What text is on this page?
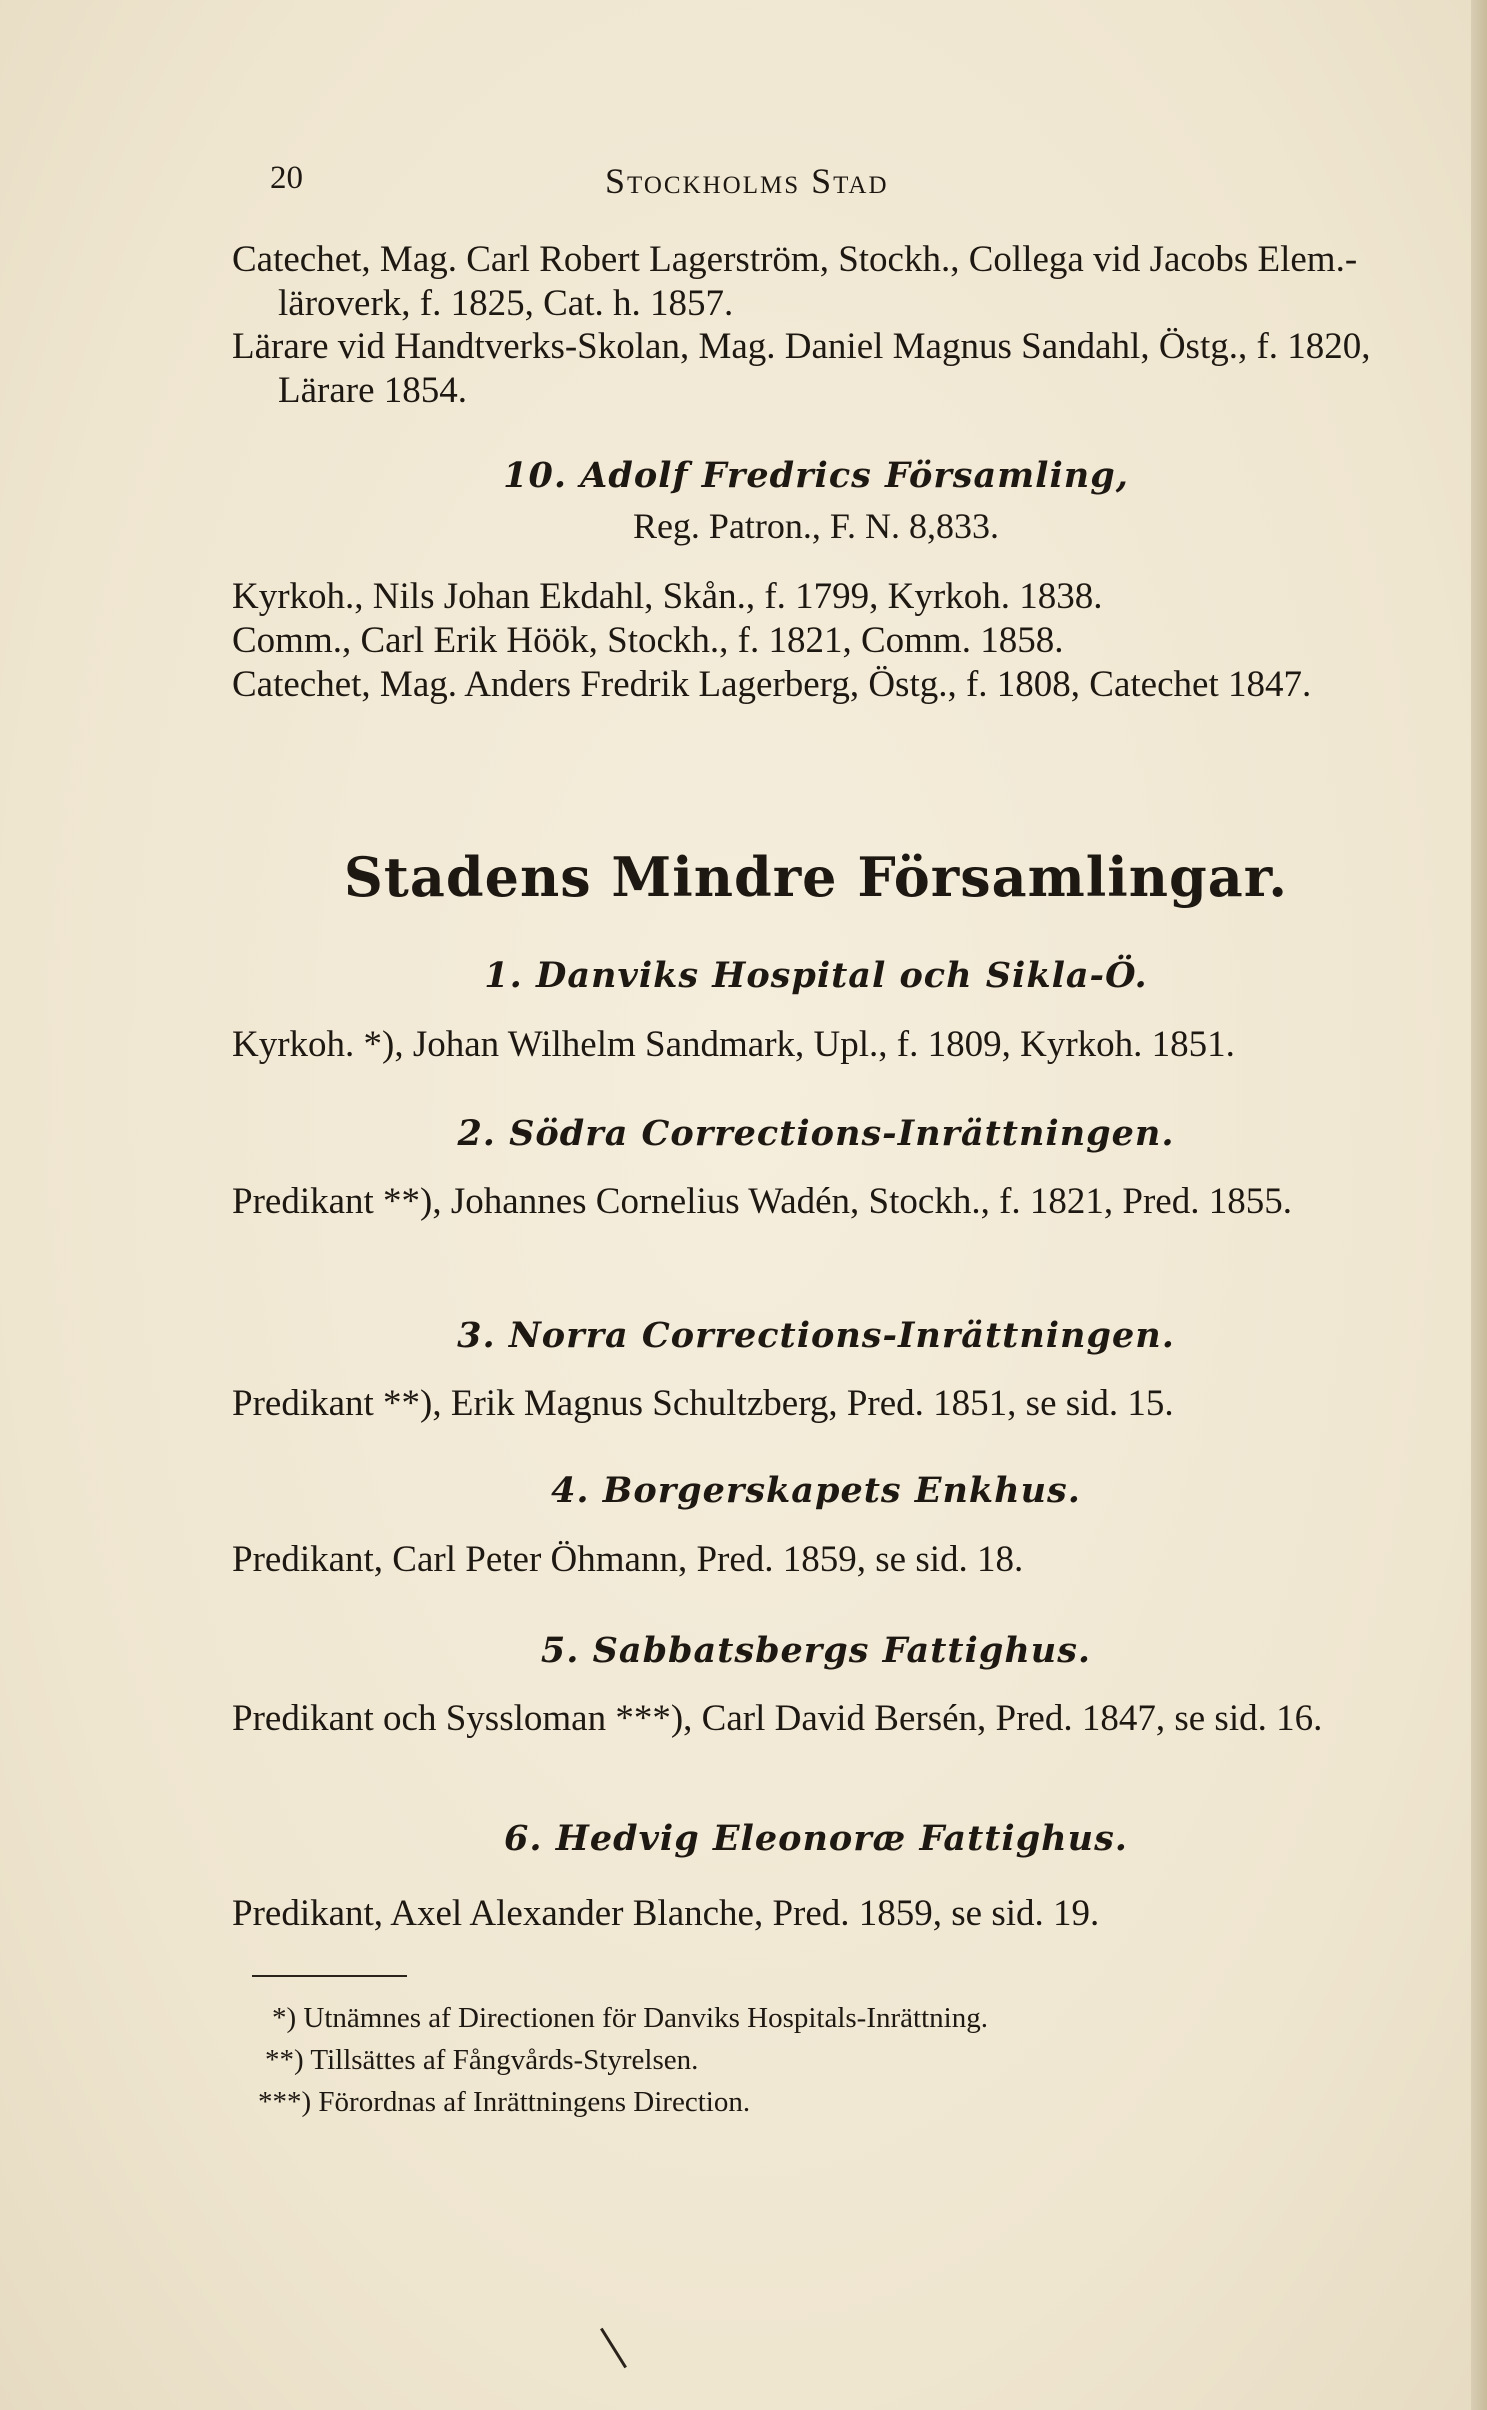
20	Stockholms Stad

Catechet, Mag. Carl Robert Lagerström, Stockh., Collega vid Jacobs Elem.-läroverk, f. 1825, Cat. h. 1857.

Lärare vid Handtverks-Skolan, Mag. Daniel Magnus Sandahl, Östg., f. 1820, Lärare 1854.

10. Adolf Fredrics Församling,

Reg. Patron., F. N. 8,833.

Kyrkoh., Nils Johan Ekdahl, Skån., f. 1799, Kyrkoh. 1838.

Comm., Carl Erik Höök, Stockh., f. 1821, Comm. 1858.

Catechet, Mag. Anders Fredrik Lagerberg, Östg., f. 1808, Catechet 1847.

Stadens Mindre Församlingar.

1. Danviks Hospital och Sikla-Ö.

Kyrkoh. *), Johan Wilhelm Sandmark, Upl., f. 1809, Kyrkoh. 1851.

2. Södra Corrections-Inrättningen.

Predikant **), Johannes Cornelius Wadén, Stockh., f. 1821, Pred. 1855.

3. Norra Corrections-Inrättningen.

Predikant **), Erik Magnus Schultzberg, Pred. 1851, se sid. 15.

4. Borgerskapets Enkhus.

Predikant, Carl Peter Öhmann, Pred. 1859, se sid. 18.

5. Sabbatsbergs Fattighus.

Predikant och Syssloman ***), Carl David Bersén, Pred. 1847, se sid. 16.

6. Hedvig Eleonoræ Fattighus.

Predikant, Axel Alexander Blanche, Pred. 1859, se sid. 19.

*) Utnämnes af Directionen för Danviks Hospitals-Inrättning.

**) Tillsättes af Fångvårds-Styrelsen.

***) Förordnas af Inrättningens Direction.
